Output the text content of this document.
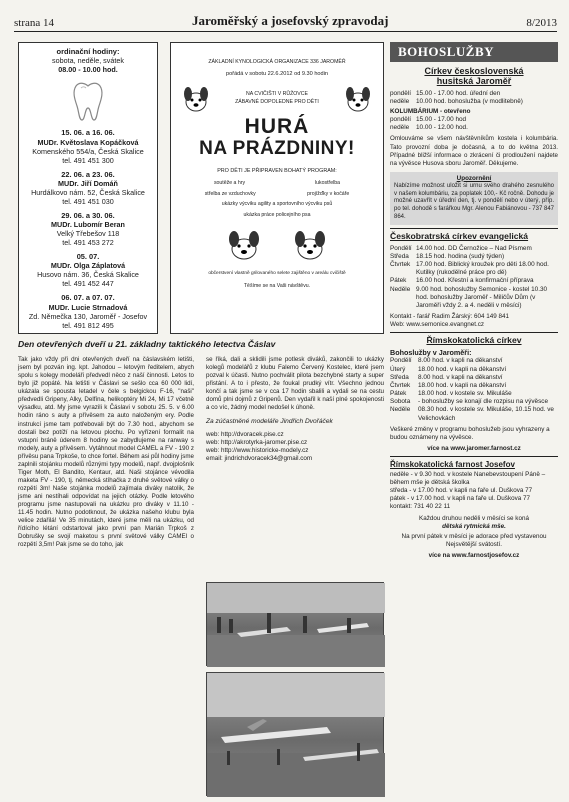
strana 14	Jaroměřský a josefovský zpravodaj	8/2013
ordinační hodiny:
sobota, neděle, svátek
08.00 - 10.00 hod.
15. 06. a 16. 06.
MUDr. Květoslava Kopáčková
Komenského 554/a, Česká Skalice
tel. 491 451 300
22. 06. a 23. 06.
MUDr. Jiří Domáň
Hurdálkovo nám. 52, Česká Skalice
tel. 491 451 030
29. 06. a 30. 06.
MUDr. Lubomír Beran
Velký Třebešov 118
tel. 491 453 272
05. 07.
MUDr. Olga Záplatová
Husovo nám. 36, Česká Skalice
tel. 491 452 447
06. 07. a 07. 07.
MUDr. Lucie Strnadová
Zd. Němečka 130, Jaroměř - Josefov
tel. 491 812 495
ZÁKLADNÍ KYNOLOGICKÁ ORGANIZACE 336 JAROMĚŘ
pořádá v sobotu 22.6.2012 od 9.30 hodin
NA CVIČIŠTI V RŮŽOVCE
ZÁBAVNÉ DOPOLEDNE PRO DĚTI
HURÁ
NA PRÁZDNINY!
PRO DĚTI JE PŘIPRAVEN BOHATÝ PROGRAM:
soutěže a hry	lukostřelba
střelba ze vzduchovky	projížďky v kočáře
ukázky výcviku agility a sportovního výcviku psů
ukázka práce policejního psa
občerstvení vlastně grilovaného selete zajištěno v areálu cvičiště
Těšíme se na Vaši návštěvu.
Den otevřených dveří u 21. základny taktického letectva Čáslav
Tak jako vždy při dni otevřených dveří na čáslavském letišti, jsem byl pozván ing. kpt. Jahodou – letovým ředitelem, abych spolu s kolegy modeláři předvedl něco z naší činnosti. Letos to bylo již popáté. Na letišti v Čáslavi se sešlo cca 60 000 lidí, ukázala se spousta letadel v čele s belgickou F-16, "naši" předvedli Gripeny, Alky, Delfína, helikoptéry Mi 24, Mi 17 včetně výsadku, atd. My jsme vyrazili k Čáslavi v sobotu 25. 5. v 6.00 hodin ráno s auty a přívěsem za auto naloženým ery. Podle instrukcí jsme tam potřebovali být do 7.30 hod., abychom se dostali bez potíží na letovou plochu. Po vyřízení formalit na vstupní bráně úderem 8 hodiny se zabydlujeme na ranway s modely, auty a přívěsem. Vytáhnout model CAMEL a FV - 190 z přívěsu pana Trpkoše, to chce fortel. Během asi půl hodiny jsme zaplnili stojánku modelů různými typy modelů, např. dvojplošník Tiger Moth, El Bandito, Kentaur, atd. Naši stojánce vévodila maketa FV - 190, tj. německá stíhačka z druhé světové války o rozpětí 3m! Naše stojánka modelů zajímala diváky natolik, že jsme ani nestíhali odpovídat na jejich otázky. Podle letového programu jsme nastupovali na ukázku pro diváky v 11.10 - 11.45 hodin. Nutno podotknout, že ukázka našeho klubu byla velice zdařilá! Ve 35 minutách, které jsme měli na ukázku, od řídícího létání odstartoval jako první pan Marián Trpkoš z Dobrušky se svojí maketou s první světové války CAMEl o rozpětí 3,5m! Pak jsme se do toho, jak
se říká, dali a sklidili jsme potlesk diváků, zakončili to ukázky kolegů modelářů z klubu Falemo Červený Kostelec, které jsem pozval k účasti. Nutno pochválit pilota bezchybné starty a super přistání. A to i přesto, že foukal prudký vítr. Všechno jednou končí a tak jsme se v cca 17 hodin sbalili a vydali se na cestu domů plni dojmů z Gripenů. Den vydařil k naší plné spokojenosti a co víc, žádný model nedošel k úhoně.
Za zúčastněné modeláře Jindřich Dvořáček
web: http://dvoracek.pise.cz
web: http://akrotyrka-jaromer.pise.cz
web: http://www.historicke-modely.cz
email: jindrichdvoracek34@gmail.com
BOHOSLUŽBY
Církev československá
husitská Jaroměř
pondělí 15.00 - 17.00 hod. úřední den
neděle	10.00 hod. bohoslužba (v modlitebně)
KOLUMBÁRIUM - otevřeno
pondělí 15.00 - 17.00 hod
neděle	10.00 - 12.00 hod.
Omlouváme se všem návštěvníkům kostela i kolumbária. Tato provozní doba je dočasná, a to do května 2013. Případné bližší informace o zkrácení či prodloužení najdete na vývěsce Husova sboru Jaroměř. Děkujeme.
Upozornění
Nabízíme možnost uložit si urnu svého drahého zesnulého v našem kolumbáriu, za poplatek 100,- Kč ročně. Dohodu je možné uzavřít v úřední den, tj. v pondělí nebo v úterý, příp. po tel. dohodě s farářkou Mgr. Alenou Fabiánovou - 737 847 864.
Českobratrská církev evangelická
Pondělí 14.00 hod. DD Černožice – Nad Písmem
Středa	18.15 hod. hodina (sudý týden)
Čtvrtek 17.00 hod. Biblický kroužek pro děti 18.00 hod. Kutilky (rukodělné práce pro dě)
Pátek	16.00 hod. Křestní a konfirmační příprava
Neděle 9.00 hod. bohoslužby Semonice - kostel 10.30 hod. bohoslužby Jaroměř - Miličův Dům (v Jaroměři vždy 2. a 4. neděli v měsíci)
Kontakt - farář Radim Žárský: 604 149 841
Web: www.semonice.evangnet.cz
Římskokatolická církev
Bohoslužby v Jaroměři:
Pondělí 8.00 hod. v kapli na děkanství
Úterý	18.00 hod. v kapli na děkanství
Středa	8.00 hod. v kapli na děkanství
Čtvrtek	18.00 hod. v kapli na děkanství
Pátek	18.00 hod. v kostele sv. Mikuláše
Sobota	- bohoslužby se konají dle rozpisu na vývěsce
Neděle	08.30 hod. v kostele sv. Mikuláše, 10.15 hod. ve Velichovkách
Veškeré změny v programu bohoslužeb jsou vyhrazeny a budou oznámeny na vývěsce.
více na www.jaromer.farnost.cz
Římskokatolická farnost Josefov
neděle - v 9.30 hod. v kostele Nanebevstoupení Páně – během mše je dětská školka
středa - v 17.00 hod. v kapli na faře ul. Duškova 77
pátek - v 17.00 hod. v kapli na faře ul. Duškova 77
kontakt: 731 40 22 11
Každou druhou neděli v měsíci se koná
dětská rytmická mše.
Na první pátek v měsíci je adorace před vystavenou Nejsvětější svátostí.
více na www.farnostjosefov.cz
